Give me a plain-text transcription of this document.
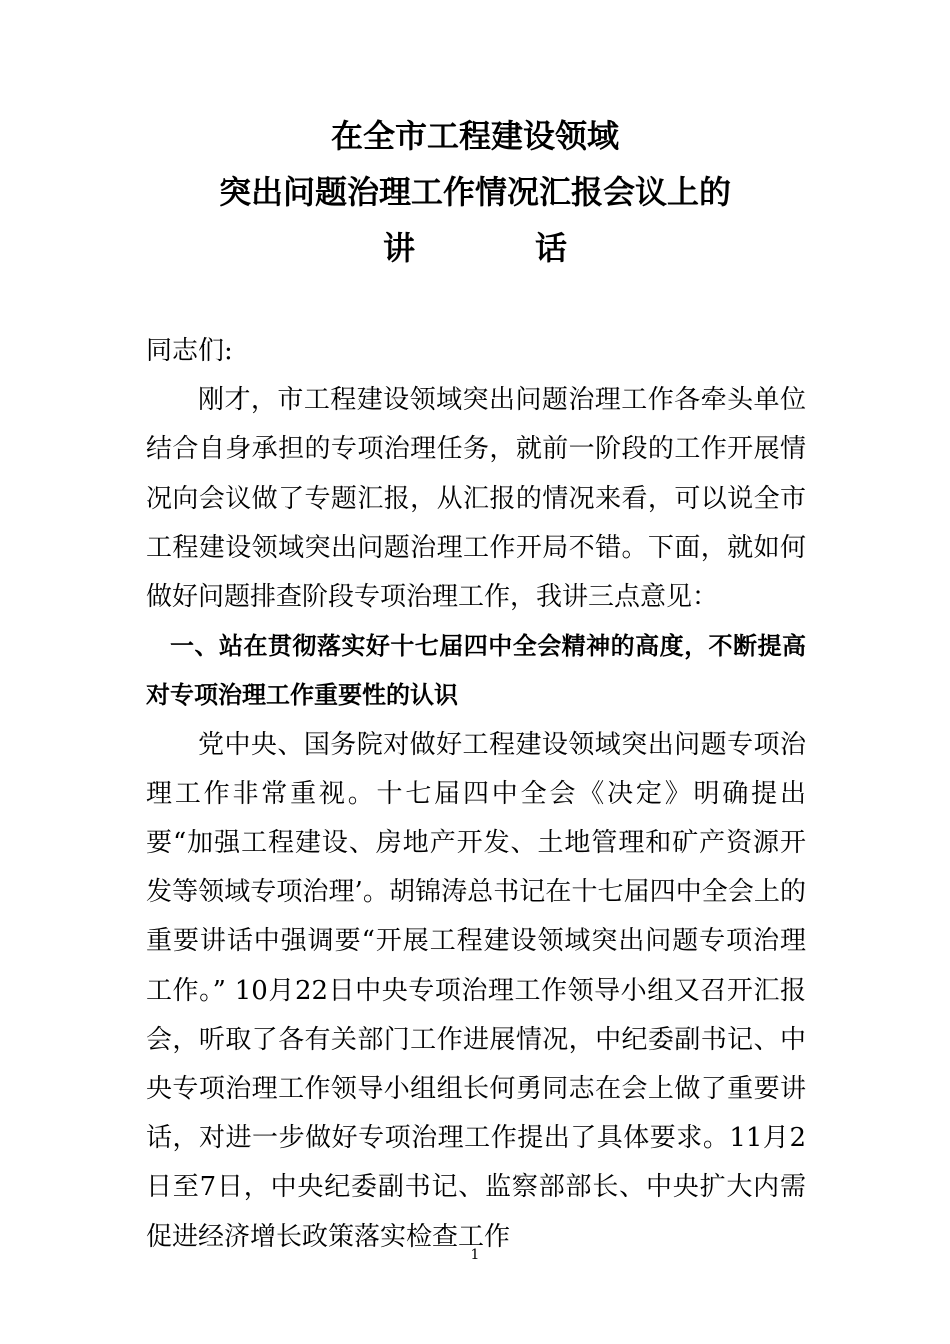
在全市工程建设领域
突出问题治理工作情况汇报会议上的
讲话

同志们:

刚才，市工程建设领域突出问题治理工作各牵头单位结合自身承担的专项治理任务，就前一阶段的工作开展情况向会议做了专题汇报，从汇报的情况来看，可以说全市工程建设领域突出问题治理工作开局不错。下面，就如何做好问题排查阶段专项治理工作，我讲三点意见：

一、站在贯彻落实好十七届四中全会精神的高度，不断提高对专项治理工作重要性的认识

党中央、国务院对做好工程建设领域突出问题专项治理工作非常重视。十七届四中全会《决定》明确提出要“加强工程建设、房地产开发、土地管理和矿产资源开发等领域专项治理’。胡锦涛总书记在十七届四中全会上的重要讲话中强调要“开展工程建设领域突出问题专项治理工作。” 10月22日中央专项治理工作领导小组又召开汇报会，听取了各有关部门工作进展情况，中纪委副书记、中央专项治理工作领导小组组长何勇同志在会上做了重要讲话，对进一步做好专项治理工作提出了具体要求。11月2日至7日，中央纪委副书记、监察部部长、中央扩大内需促进经济增长政策落实检查工作

1
